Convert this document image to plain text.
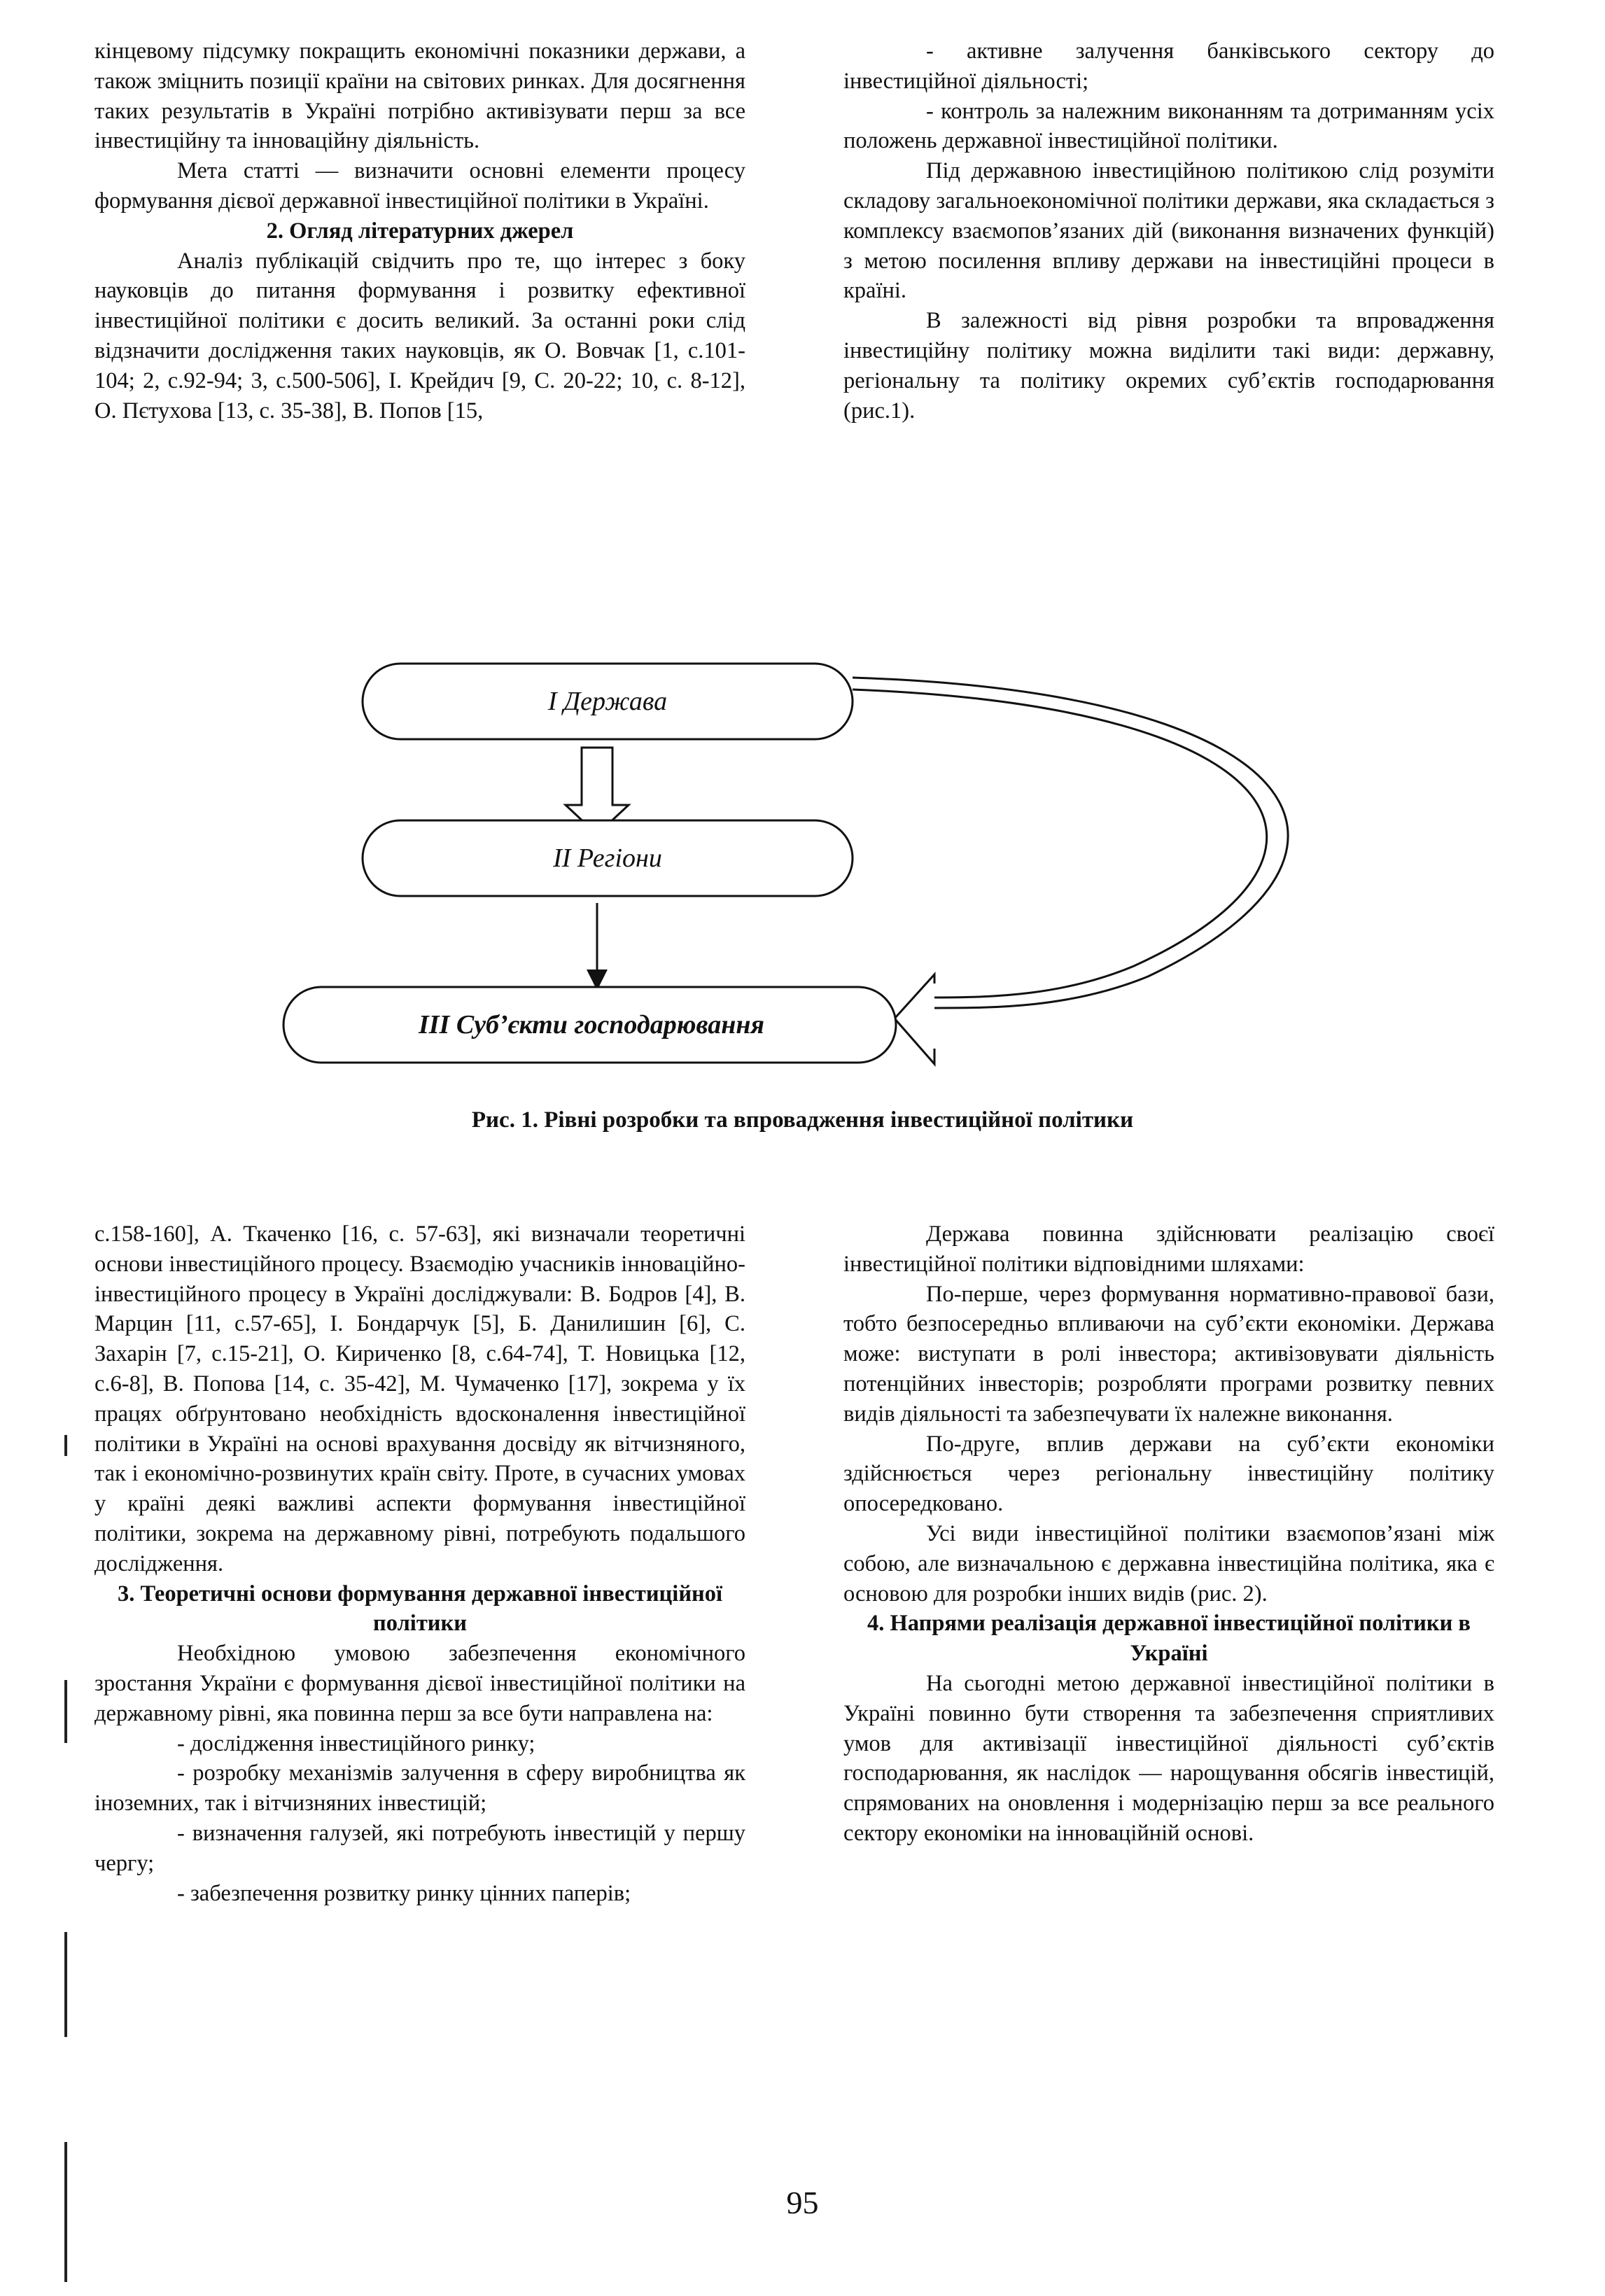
кінцевому підсумку покращить економічні показники держави, а також зміцнить позиції країни на світових ринках. Для досягнення таких результатів в Україні потрібно активізувати перш за все інвестиційну та інноваційну діяльність.

Мета статті — визначити основні елементи процесу формування дієвої державної інвестиційної політики в Україні.

2. Огляд літературних джерел

Аналіз публікацій свідчить про те, що інтерес з боку науковців до питання формування і розвитку ефективної інвестиційної політики є досить великий. За останні роки слід відзначити дослідження таких науковців, як О. Вовчак [1, с.101-104; 2, с.92-94; 3, с.500-506], І. Крейдич [9, С. 20-22; 10, с. 8-12], О. Пєтухова [13, с. 35-38], В. Попов [15,

- активне залучення банківського сектору до інвестиційної діяльності;

- контроль за належним виконанням та дотриманням усіх положень державної інвестиційної політики.

Під державною інвестиційною політикою слід розуміти складову загальноекономічної політики держави, яка складається з комплексу взаємопов’язаних дій (виконання визначених функцій) з метою посилення впливу держави на інвестиційні процеси в країні.

В залежності від рівня розробки та впровадження інвестиційну політику можна виділити такі види: державну, регіональну та політику окремих суб’єктів господарювання (рис.1).

І Держава
ІІ Регіони
ІІІ Суб’єкти господарювання
Рис. 1. Рівні розробки та впровадження інвестиційної політики

с.158-160], А. Ткаченко [16, с. 57-63], які визначали теоретичні основи інвестиційного процесу. Взаємодію учасників інноваційно-інвестиційного процесу в Україні досліджували: В. Бодров [4], В. Марцин [11, с.57-65], І. Бондарчук [5], Б. Данилишин [6], С. Захарін [7, с.15-21], О. Кириченко [8, с.64-74], Т. Новицька [12, с.6-8], В. Попова [14, с. 35-42], М. Чумаченко [17], зокрема у їх працях обґрунтовано необхідність вдосконалення інвестиційної політики в Україні на основі врахування досвіду як вітчизняного, так і економічно-розвинутих країн світу. Проте, в сучасних умовах у країні деякі важливі аспекти формування інвестиційної політики, зокрема на державному рівні, потребують подальшого дослідження.

3. Теоретичні основи формування державної інвестиційної політики

Необхідною умовою забезпечення економічного зростання України є формування дієвої інвестиційної політики на державному рівні, яка повинна перш за все бути направлена на:

- дослідження інвестиційного ринку;

- розробку механізмів залучення в сферу виробництва як іноземних, так і вітчизняних інвестицій;

- визначення галузей, які потребують інвестицій у першу чергу;

- забезпечення розвитку ринку цінних паперів;

Держава повинна здійснювати реалізацію своєї інвестиційної політики відповідними шляхами:

По-перше, через формування нормативно-правової бази, тобто безпосередньо впливаючи на суб’єкти економіки. Держава може: виступати в ролі інвестора; активізовувати діяльність потенційних інвесторів; розробляти програми розвитку певних видів діяльності та забезпечувати їх належне виконання.

По-друге, вплив держави на суб’єкти економіки здійснюється через регіональну інвестиційну політику опосередковано.

Усі види інвестиційної політики взаємопов’язані між собою, але визначальною є державна інвестиційна політика, яка є основою для розробки інших видів (рис. 2).

4. Напрями реалізація державної інвестиційної політики в Україні

На сьогодні метою державної інвестиційної політики в Україні повинно бути створення та забезпечення сприятливих умов для активізації інвестиційної діяльності суб’єктів господарювання, як наслідок — нарощування обсягів інвестицій, спрямованих на оновлення і модернізацію перш за все реального сектору економіки на інноваційній основі.

95
